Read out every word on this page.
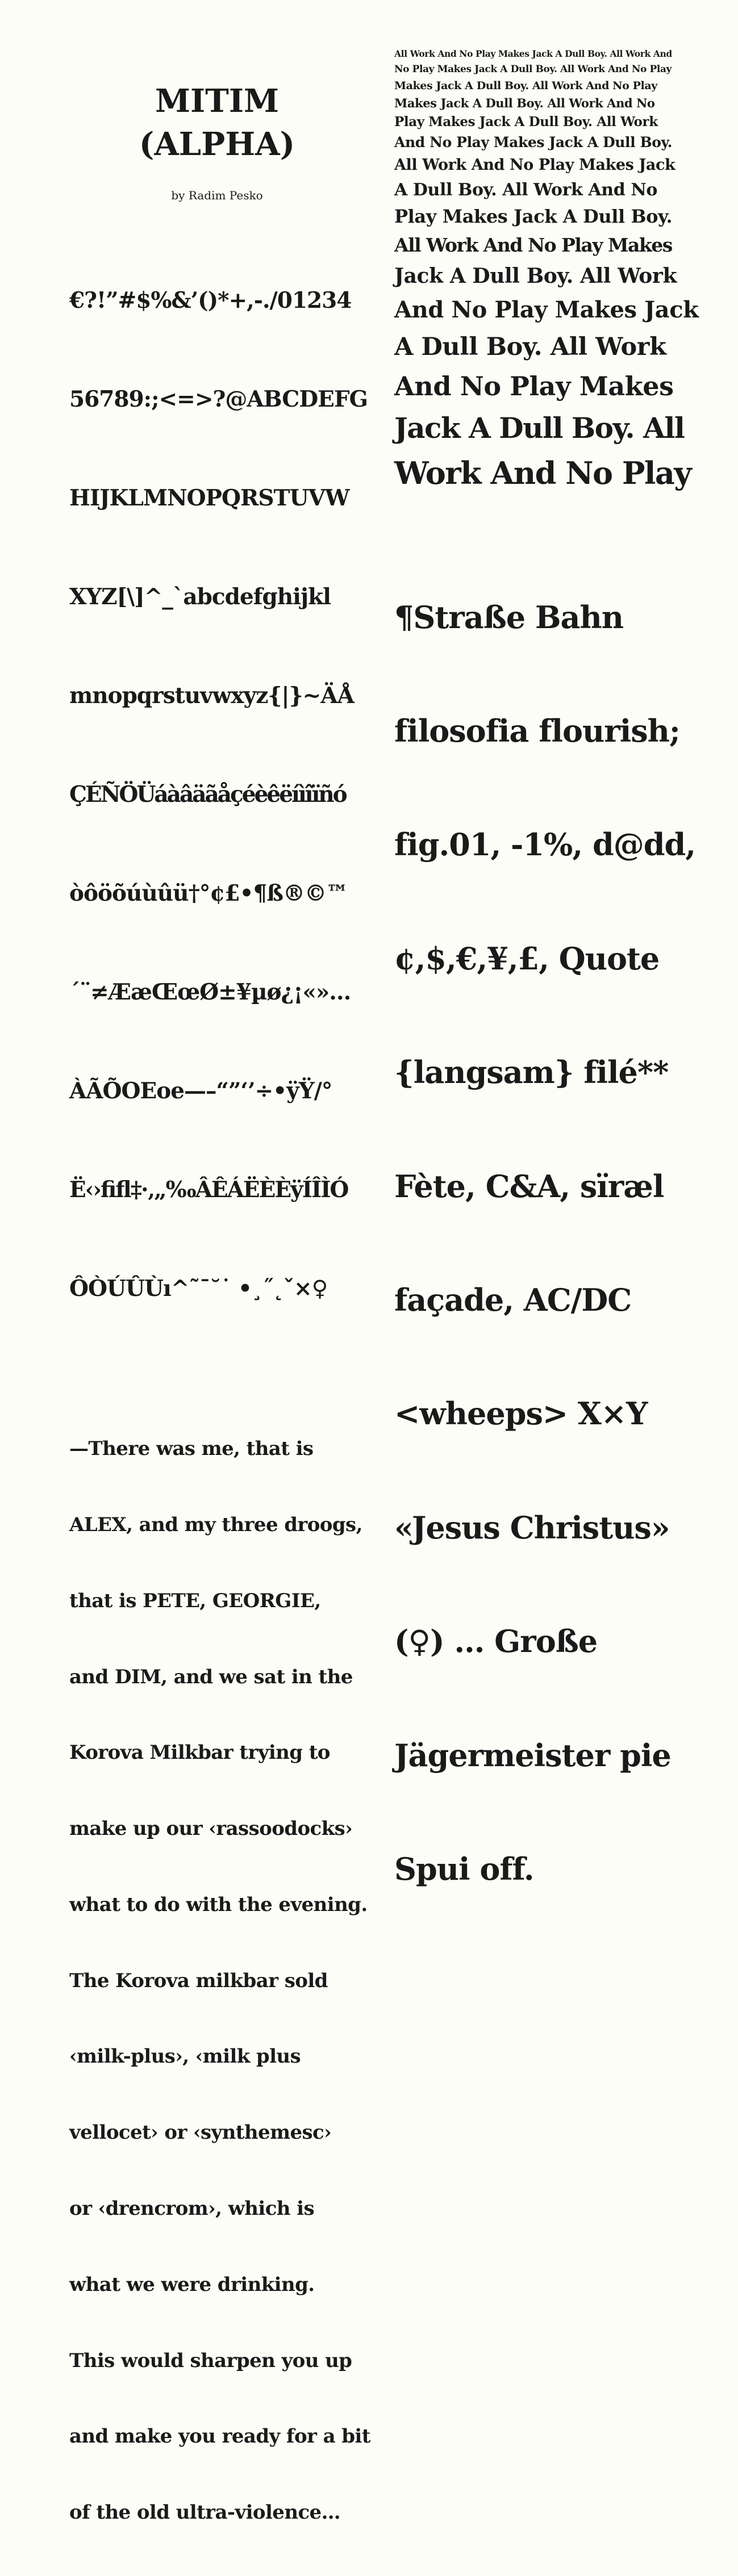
MITIM
(ALPHA)
by Radim Pesko

€?!”#$%&’()*+,-./01234

56789:;<=>?@ABCDEFG

HIJKLMNOPQRSTUVW

XYZ[\]^_`abcdefghijkl

mnopqrstuvwxyz{|}~ÄÅ

ÇÉÑÖÜáàâäãåçéèêëíìîïñó

òôöõúùûü†°¢£•¶ß®©™

´¨≠ÆæŒœØ±¥µø¿¡«»…

ÀÃÕOEoe—–“”‘’÷•ÿŸ/°

Ë‹›ﬁﬂ‡·‚„‰ÂÊÁËÈÈÿÍÎÌÓ

ÔÒÚÛÙı^˜¯˘˙ •¸˝˛ˇ×♀

—There was me, that is

ALEX, and my three droogs,

that is PETE, GEORGIE,

and DIM, and we sat in the

Korova Milkbar trying to

make up our ‹rassoodocks›

what to do with the evening.

The Korova milkbar sold

‹milk-plus›, ‹milk plus

vellocet› or ‹synthemesc›

or ‹drencrom›, which is

what we were drinking.

This would sharpen you up

and make you ready for a bit

of the old ultra-violence…

All Work And No Play Makes Jack A Dull Boy. All Work And
No Play Makes Jack A Dull Boy. All Work And No Play
Makes Jack A Dull Boy. All Work And No Play
Makes Jack A Dull Boy. All Work And No
Play Makes Jack A Dull Boy. All Work
And No Play Makes Jack A Dull Boy.
All Work And No Play Makes Jack
A Dull Boy. All Work And No
Play Makes Jack A Dull Boy.
All Work And No Play Makes
Jack A Dull Boy. All Work
And No Play Makes Jack
A Dull Boy. All Work
And No Play Makes
Jack A Dull Boy. All
Work And No Play

¶Straße Bahn

filosofia flourish;

fig.01, -1%, d@dd,

¢,$,€,¥,£, Quote

{langsam} filé**

Fète, C&A, sïræl

façade, AC/DC

<wheeps> X×Y

«Jesus Christus»

(♀) … Große

Jägermeister pie

Spui off.
